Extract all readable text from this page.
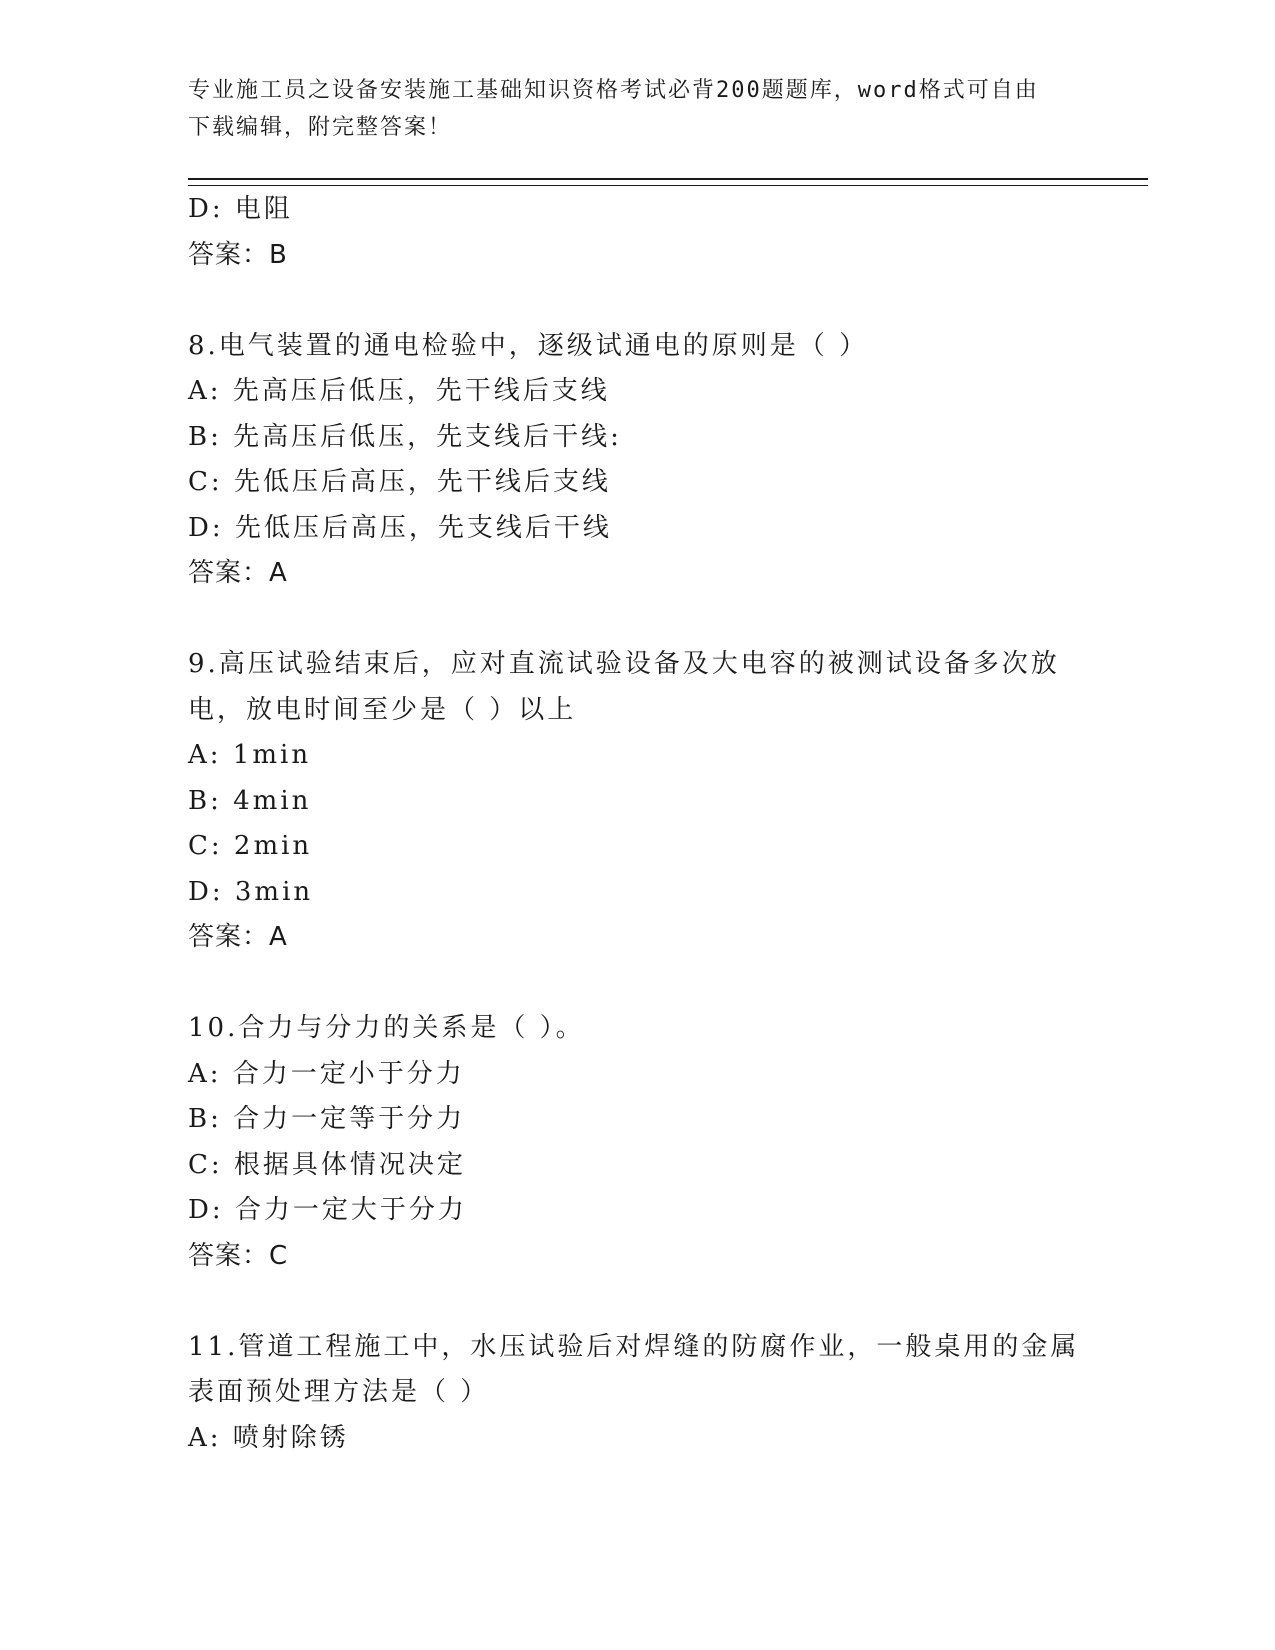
专业施工员之设备安装施工基础知识资格考试必背200题题库，word格式可自由
下载编辑，附完整答案！
D: 电阻
答案：B
8.电气装置的通电检验中，逐级试通电的原则是（ ）
A: 先高压后低压，先干线后支线
B: 先高压后低压，先支线后干线:
C: 先低压后高压，先干线后支线
D: 先低压后高压，先支线后干线
答案：A
9.高压试验结束后，应对直流试验设备及大电容的被测试设备多次放
电，放电时间至少是（ ）以上
A: 1min
B: 4min
C: 2min
D: 3min
答案：A
10.合力与分力的关系是（ ）。
A: 合力一定小于分力
B: 合力一定等于分力
C: 根据具体情况决定
D: 合力一定大于分力
答案：C
11.管道工程施工中，水压试验后对焊缝的防腐作业，一般桌用的金属
表面预处理方法是（ ）
A: 喷射除锈
